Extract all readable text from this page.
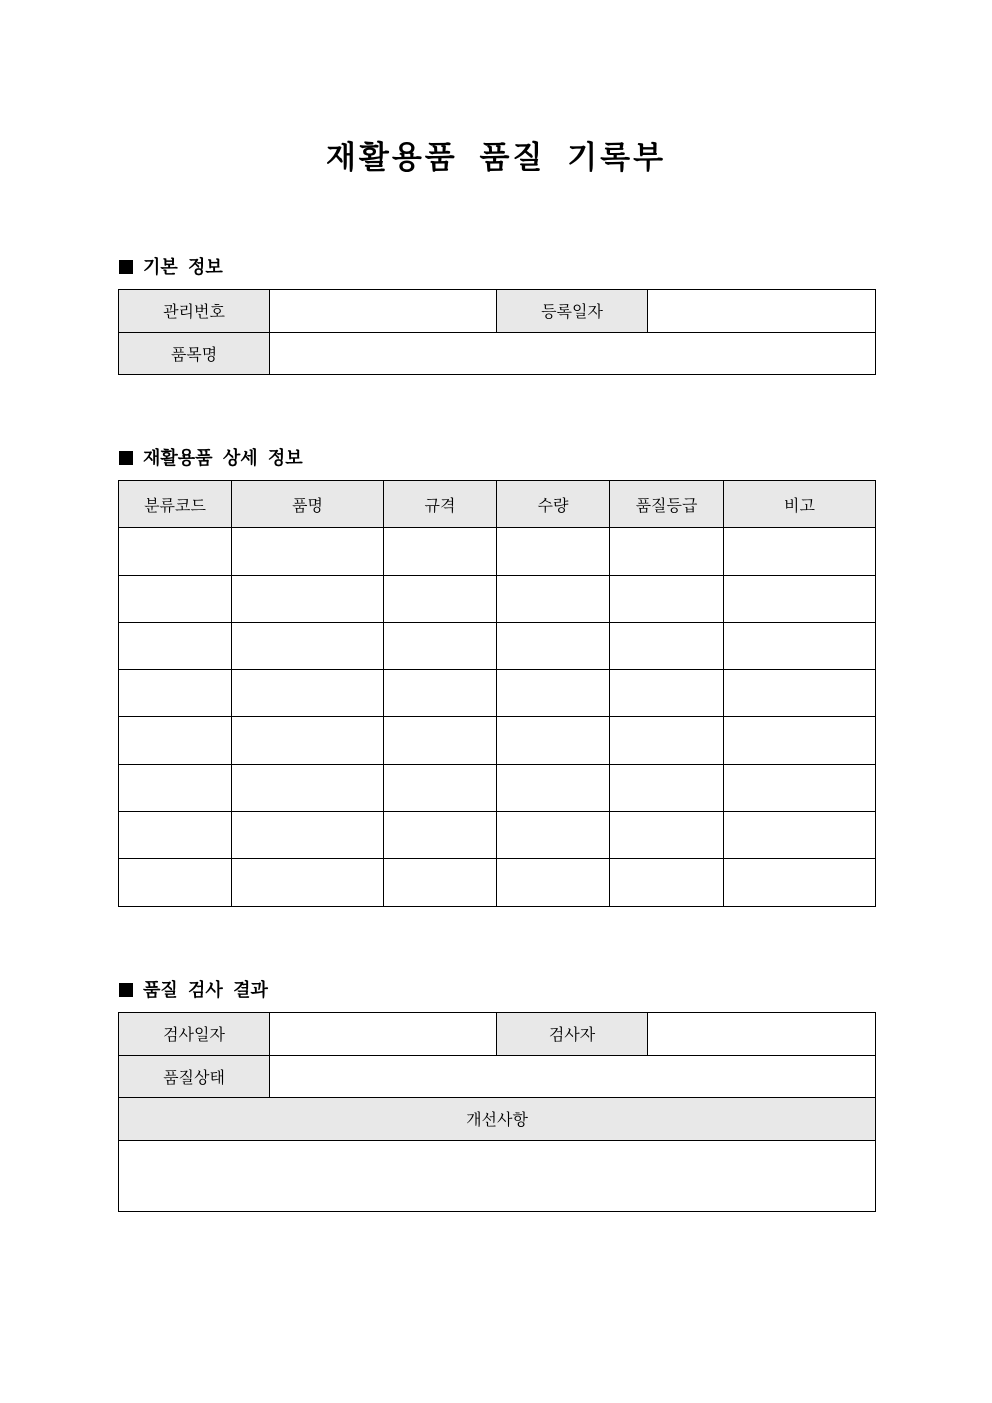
재활용품 품질 기록부
기본 정보
관리번호		등록일자	
품목명			
재활용품 상세 정보
분류코드	품명	규격	수량	품질등급	비고

품질 검사 결과
검사일자		검사자	
품질상태			
개선사항			
